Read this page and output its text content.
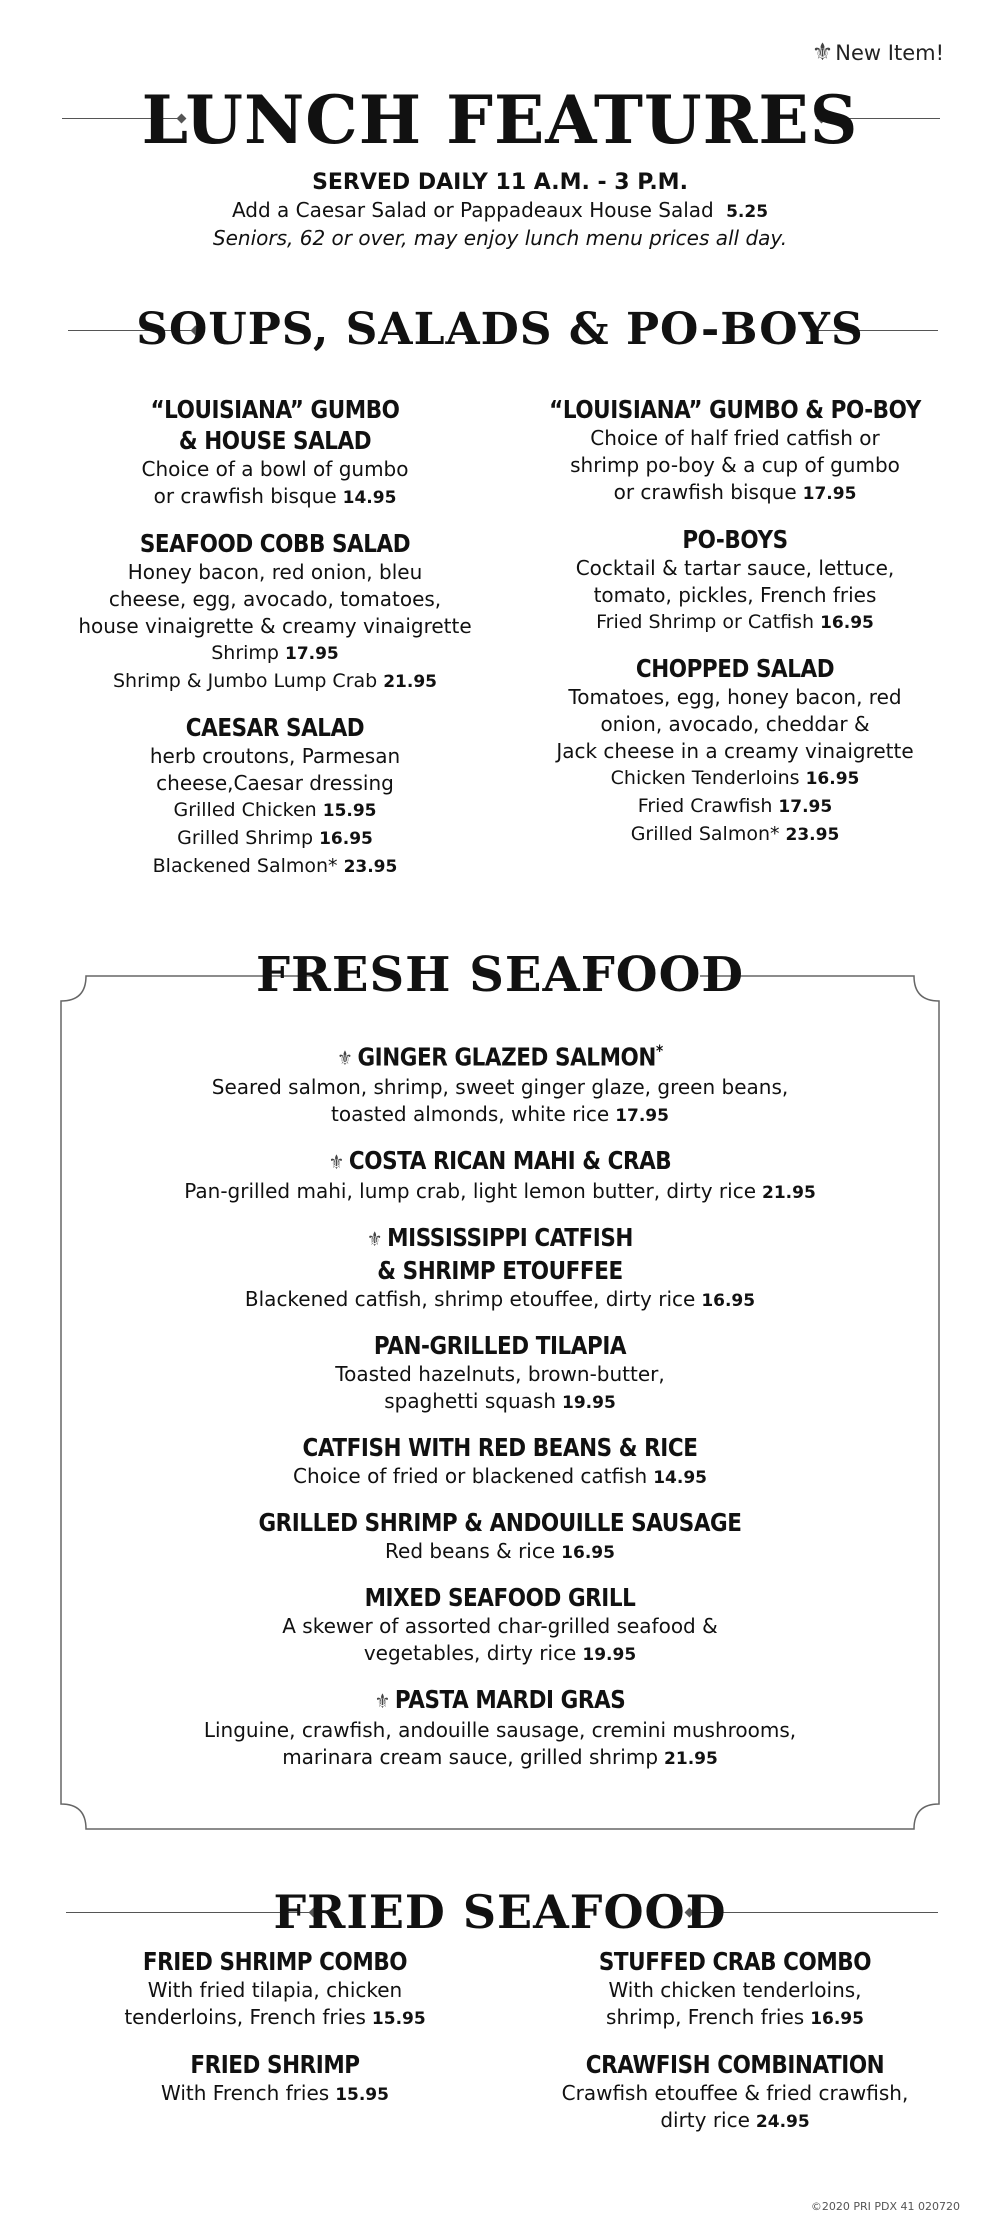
⚜New Item!
LUNCH FEATURES
SERVED DAILY 11 A.M. - 3 P.M.
Add a Caesar Salad or Pappadeaux House Salad 5.25
Seniors, 62 or over, may enjoy lunch menu prices all day.
SOUPS, SALADS & PO-BOYS
“LOUISIANA” GUMBO
& HOUSE SALAD
Choice of a bowl of gumbo
or crawfish bisque 14.95
SEAFOOD COBB SALAD
Honey bacon, red onion, bleu
cheese, egg, avocado, tomatoes,
house vinaigrette & creamy vinaigrette
Shrimp 17.95
Shrimp & Jumbo Lump Crab 21.95
CAESAR SALAD
herb croutons, Parmesan
cheese,Caesar dressing
Grilled Chicken 15.95
Grilled Shrimp 16.95
Blackened Salmon* 23.95
“LOUISIANA” GUMBO & PO-BOY
Choice of half fried catfish or
shrimp po-boy & a cup of gumbo
or crawfish bisque 17.95
PO-BOYS
Cocktail & tartar sauce, lettuce,
tomato, pickles, French fries
Fried Shrimp or Catfish 16.95
CHOPPED SALAD
Tomatoes, egg, honey bacon, red
onion, avocado, cheddar &
Jack cheese in a creamy vinaigrette
Chicken Tenderloins 16.95
Fried Crawfish 17.95
Grilled Salmon* 23.95
FRESH SEAFOOD
⚜ GINGER GLAZED SALMON*
Seared salmon, shrimp, sweet ginger glaze, green beans,
toasted almonds, white rice 17.95
⚜ COSTA RICAN MAHI & CRAB
Pan-grilled mahi, lump crab, light lemon butter, dirty rice 21.95
⚜ MISSISSIPPI CATFISH
& SHRIMP ETOUFFEE
Blackened catfish, shrimp etouffee, dirty rice 16.95
PAN-GRILLED TILAPIA
Toasted hazelnuts, brown-butter,
spaghetti squash 19.95
CATFISH WITH RED BEANS & RICE
Choice of fried or blackened catfish 14.95
GRILLED SHRIMP & ANDOUILLE SAUSAGE
Red beans & rice 16.95
MIXED SEAFOOD GRILL
A skewer of assorted char-grilled seafood &
vegetables, dirty rice 19.95
⚜ PASTA MARDI GRAS
Linguine, crawfish, andouille sausage, cremini mushrooms,
marinara cream sauce, grilled shrimp 21.95
FRIED SEAFOOD
FRIED SHRIMP COMBO
With fried tilapia, chicken
tenderloins, French fries 15.95
FRIED SHRIMP
With French fries 15.95
STUFFED CRAB COMBO
With chicken tenderloins,
shrimp, French fries 16.95
CRAWFISH COMBINATION
Crawfish etouffee & fried crawfish,
dirty rice 24.95
©2020 PRI PDX 41 020720
